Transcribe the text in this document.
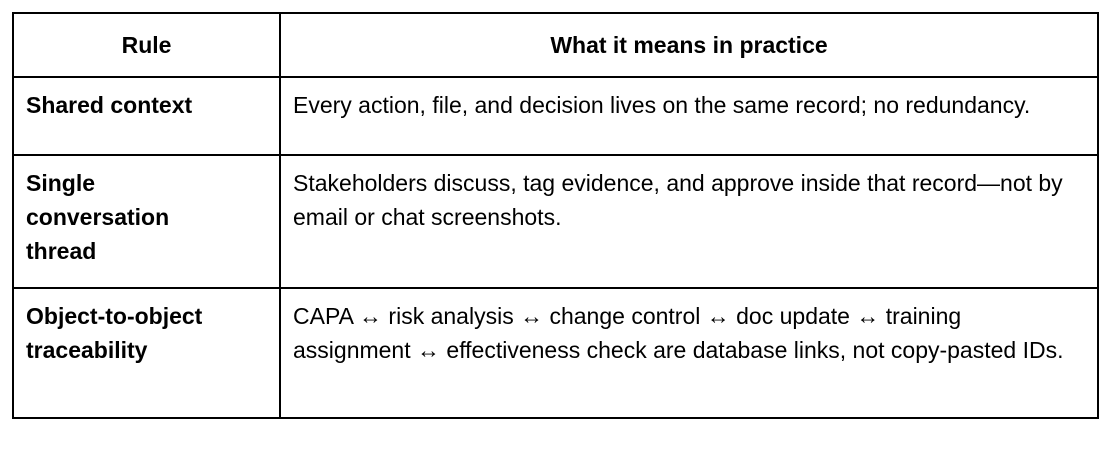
Rule	What it means in practice
Shared context	Every action, file, and decision lives on the same record; no redundancy.

Single conversation thread	Stakeholders discuss, tag evidence, and approve inside that record—not by email or chat screenshots.

Object-to-object traceability	CAPA ↔ risk analysis ↔ change control ↔ doc update ↔ training assignment ↔ effectiveness check are database links, not copy-pasted IDs.
